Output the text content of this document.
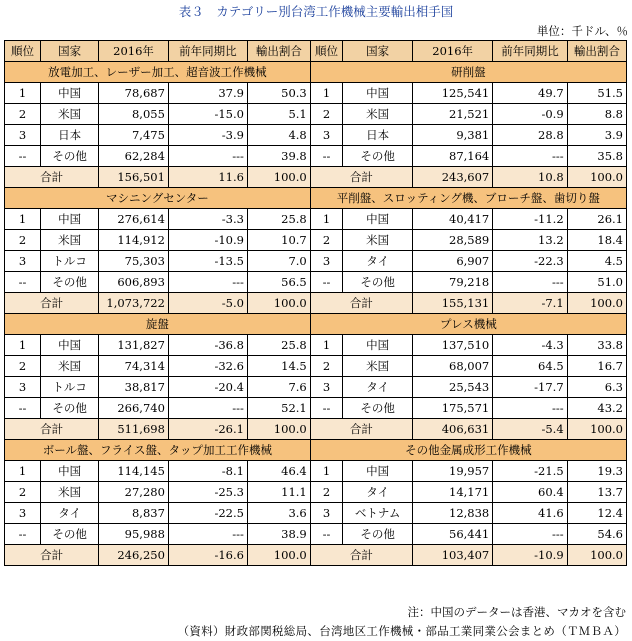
表３　カテゴリー別台湾工作機械主要輸出相手国
単位：千ドル、％
順位	国家	2016年	前年同期比	輸出割合	順位	国家	2016年	前年同期比	輸出割合
放電加工、レーザー加工、超音波工作機械					研削盤				
1	中国	78,687	37.9	50.3	1	中国	125,541	49.7	51.5
2	米国	8,055	-15.0	5.1	2	米国	21,521	-0.9	8.8
3	日本	7,475	-3.9	4.8	3	日本	9,381	28.8	3.9
--	その他	62,284	---	39.8	--	その他	87,164	---	35.8
合計		156,501	11.6	100.0	合計		243,607	10.8	100.0
マシニングセンター					平削盤、スロッティング機、ブローチ盤、歯切り盤				
1	中国	276,614	-3.3	25.8	1	中国	40,417	-11.2	26.1
2	米国	114,912	-10.9	10.7	2	米国	28,589	13.2	18.4
3	トルコ	75,303	-13.5	7.0	3	タイ	6,907	-22.3	4.5
--	その他	606,893	---	56.5	--	その他	79,218	---	51.0
合計		1,073,722	-5.0	100.0	合計		155,131	-7.1	100.0
旋盤					プレス機械				
1	中国	131,827	-36.8	25.8	1	中国	137,510	-4.3	33.8
2	米国	74,314	-32.6	14.5	2	米国	68,007	64.5	16.7
3	トルコ	38,817	-20.4	7.6	3	タイ	25,543	-17.7	6.3
--	その他	266,740	---	52.1	--	その他	175,571	---	43.2
合計		511,698	-26.1	100.0	合計		406,631	-5.4	100.0
ボール盤、フライス盤、タップ加工工作機械					その他金属成形工作機械				
1	中国	114,145	-8.1	46.4	1	中国	19,957	-21.5	19.3
2	米国	27,280	-25.3	11.1	2	タイ	14,171	60.4	13.7
3	タイ	8,837	-22.5	3.6	3	ベトナム	12,838	41.6	12.4
--	その他	95,988	---	38.9	--	その他	56,441	---	54.6
合計		246,250	-16.6	100.0	合計		103,407	-10.9	100.0
注：中国のデーターは香港、マカオを含む
（資料）財政部関税総局、台湾地区工作機械・部品工業同業公会まとめ（ＴＭＢＡ）
